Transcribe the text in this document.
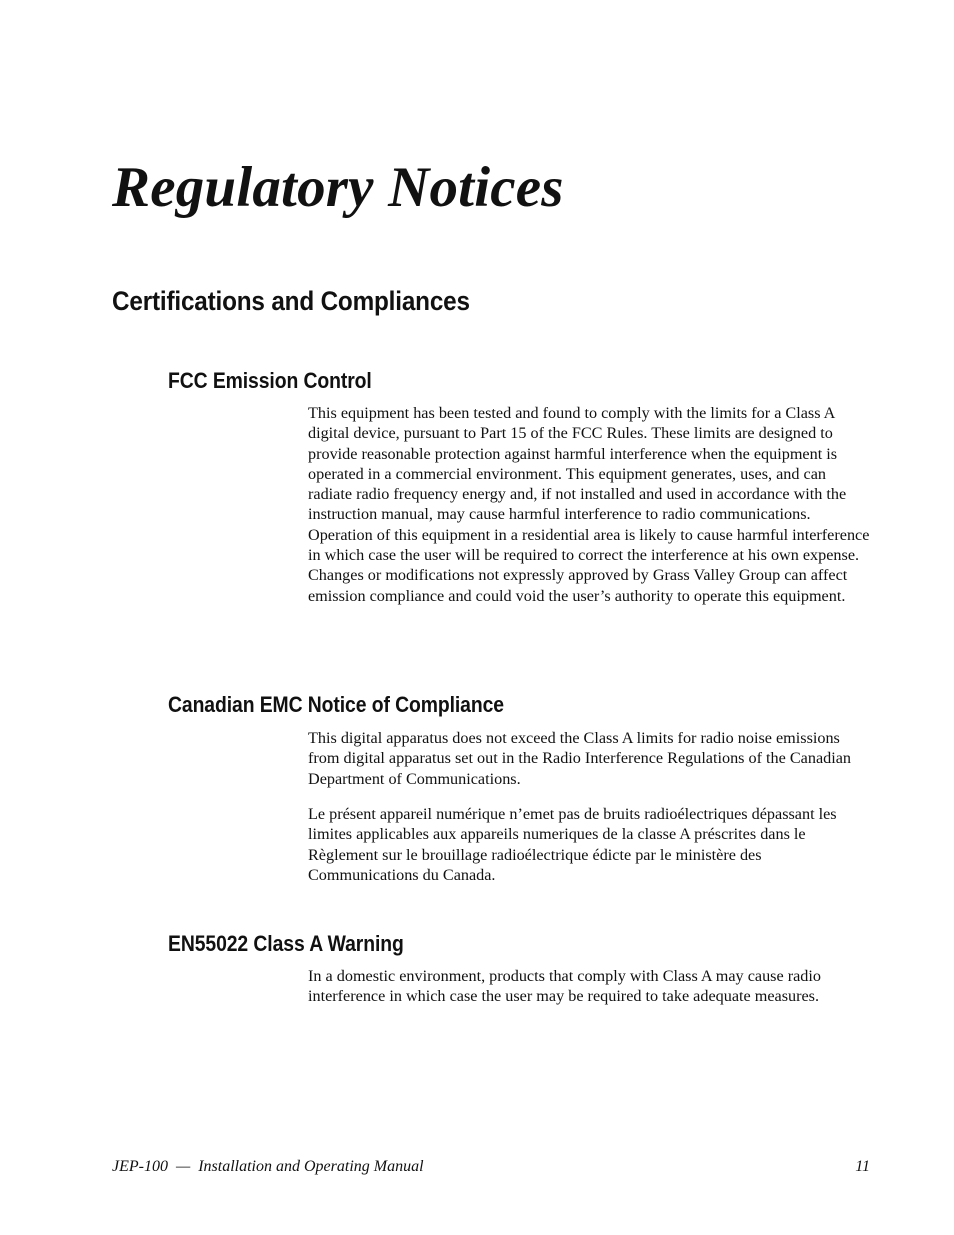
Regulatory Notices
Certifications and Compliances
FCC Emission Control

This equipment has been tested and found to comply with the limits for a Class A digital device, pursuant to Part 15 of the FCC Rules. These limits are designed to provide reasonable protection against harmful interference when the equipment is operated in a commercial environment. This equipment generates, uses, and can radiate radio frequency energy and, if not installed and used in accordance with the instruction manual, may cause harmful interference to radio communications. Operation of this equipment in a residential area is likely to cause harmful interference in which case the user will be required to correct the interference at his own expense. Changes or modifications not expressly approved by Grass Valley Group can affect emission compliance and could void the user’s authority to operate this equipment.

Canadian EMC Notice of Compliance

This digital apparatus does not exceed the Class A limits for radio noise emissions from digital apparatus set out in the Radio Interference Regulations of the Canadian Department of Communications.

Le présent appareil numérique n’emet pas de bruits radioélectriques dépassant les limites applicables aux appareils numeriques de la classe A préscrites dans le Règlement sur le brouillage radioélectrique édicte par le ministère des Communications du Canada.

EN55022 Class A Warning

In a domestic environment, products that comply with Class A may cause radio interference in which case the user may be required to take adequate measures.

JEP-100  —  Installation and Operating Manual	11
